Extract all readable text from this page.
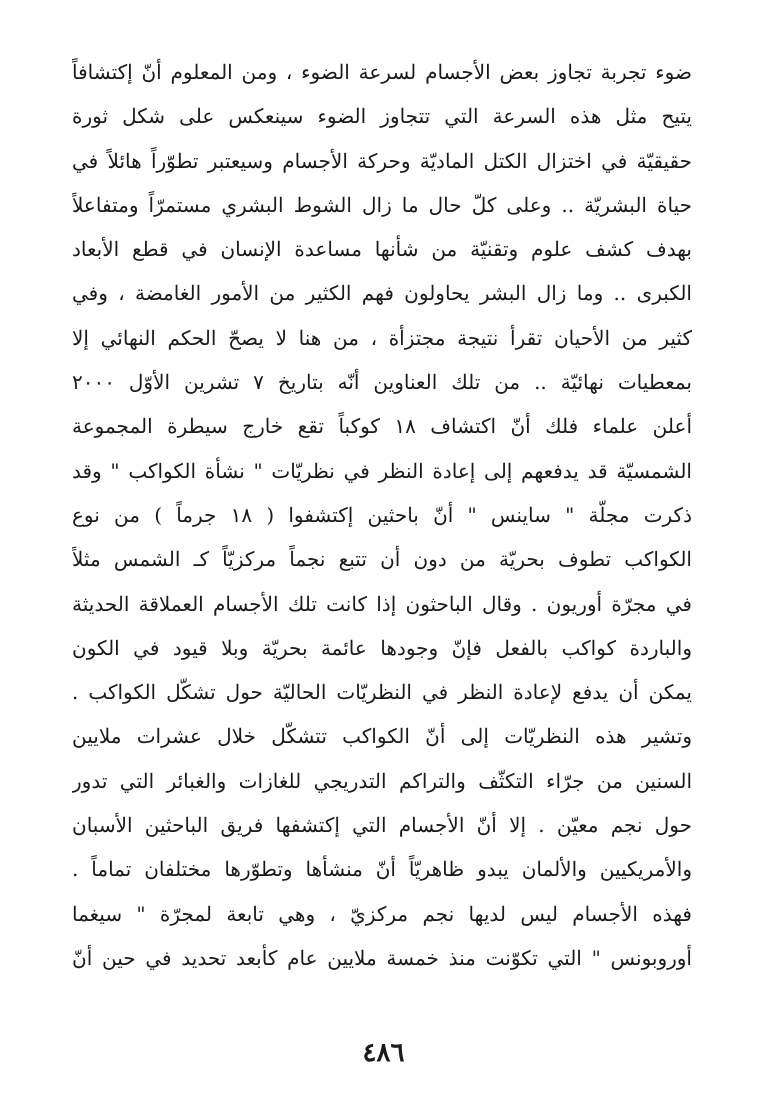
ضوء تجربة تجاوز بعض الأجسام لسرعة الضوء ، ومن المعلوم أنّ إكتشافاً
يتيح مثل هذه السرعة التي تتجاوز الضوء سينعكس على شكل ثورة
حقيقيّة في اختزال الكتل الماديّة وحركة الأجسام وسيعتبر تطوّراً هائلاً في
حياة البشريّة .. وعلى كلّ حال ما زال الشوط البشري مستمرّاً ومتفاعلاً
بهدف كشف علوم وتقنيّة من شأنها مساعدة الإنسان في قطع الأبعاد
الكبرى .. وما زال البشر يحاولون فهم الكثير من الأمور الغامضة ، وفي
كثير من الأحيان تقرأ نتيجة مجتزأة ، من هنا لا يصحّ الحكم النهائي إلا
بمعطيات نهائيّة .. من تلك العناوين أنّه بتاريخ ٧ تشرين الأوّل ٢٠٠٠
أعلن علماء فلك أنّ اكتشاف ١٨ كوكباً تقع خارج سيطرة المجموعة
الشمسيّة قد يدفعهم إلى إعادة النظر في نظريّات " نشأة الكواكب " وقد
ذكرت مجلّة " ساينس " أنّ باحثين إكتشفوا ( ١٨ جرماً ) من نوع
الكواكب تطوف بحريّة من دون أن تتبع نجماً مركزيّاً كـ الشمس مثلاً
في مجرّة أوريون . وقال الباحثون إذا كانت تلك الأجسام العملاقة الحديثة
والباردة كواكب بالفعل فإنّ وجودها عائمة بحريّة وبلا قيود في الكون
يمكن أن يدفع لإعادة النظر في النظريّات الحاليّة حول تشكّل الكواكب .
وتشير هذه النظريّات إلى أنّ الكواكب تتشكّل خلال عشرات ملايين
السنين من جرّاء التكثّف والتراكم التدريجي للغازات والغبائر التي تدور
حول نجم معيّن . إلا أنّ الأجسام التي إكتشفها فريق الباحثين الأسبان
والأمريكيين والألمان يبدو ظاهريّاً أنّ منشأها وتطوّرها مختلفان تماماً .
فهذه الأجسام ليس لديها نجم مركزيّ ، وهي تابعة لمجرّة " سيغما
أوروبونس " التي تكوّنت منذ خمسة ملايين عام كأبعد تحديد في حين أنّ
٤٨٦
